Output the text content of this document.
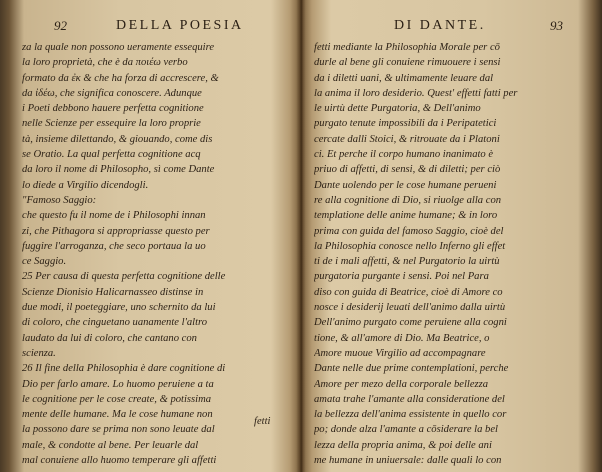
92	DELLA POESIA
za la quale non possono ueramente essequire
la loro proprietà, che è da ποιέω verbo
formato da ἐκ & che ha forza di accrescere, &
da ἰδέω, che significa conoscere. Adunque
i Poeti debbono hauere perfetta cognitione
nelle Scienze per essequire la loro proprie
tà, insieme dilettando, & giouando, come dis
se Oratio. La qual perfetta cognitione acq
da loro il nome di Philosopho, sì come Dante
lo diede a Virgilio dicendogli.
"Famoso Saggio:
che questo fu il nome de i Philosophi innan
zi, che Pithagora si appropriasse questo per
fuggire l'arroganza, che seco portaua la uo
ce Saggio.
25 Per causa di questa perfetta cognitione delle
Scienze Dionisio Halicarnasseo distinse in
due modi, il poeteggiare, uno schernito da lui
di coloro, che cinguetano uanamente l'altro
laudato da lui di coloro, che cantano con
scienza.
26 Il fine della Philosophia è dare cognitione di
Dio per farlo amare. Lo huomo peruiene a ta
le cognitione per le cose create, & potissima
mente delle humane. Ma le cose humane non
la possono dare se prima non sono leuate dal
male, & condotte al bene. Per leuarle dal
mal conuiene allo huomo temperare gli affetti
fetti
DI DANTE.	93
fetti mediante la Philosophia Morale per cō
durle al bene gli conuiene rimuouere i sensi
da i diletti uani, & ultimamente leuare dal
la anima il loro desiderio. Quest' effetti fatti per
le uirtù dette Purgatoria, & Dell'animo
purgato tenute impossibili da i Peripatetici
cercate dalli Stoici, & ritrouate da i Platoni
ci. Et perche il corpo humano inanimato è
priuo di affetti, di sensi, & di diletti; per ciò
Dante uolendo per le cose humane perueni
re alla cognitione di Dio, si riuolge alla con
templatione delle anime humane; & in loro
prima con guida del famoso Saggio, cioè del
la Philosophia conosce nello Inferno gli effet
ti de i mali affetti, & nel Purgatorio la uirtù
purgatoria purgante i sensi. Poi nel Para
diso con guida di Beatrice, cioè di Amore co
nosce i desiderij leuati dell'animo dalla uirtù
Dell'animo purgato come peruiene alla cogni
tione, & all'amore di Dio. Ma Beatrice, o
Amore muoue Virgilio ad accompagnare
Dante nelle due prime contemplationi, perche
Amore per mezo della corporale bellezza
amata trahe l'amante alla consideratione del
la bellezza dell'anima essistente in quello cor
po; donde alza l'amante a cōsiderare la bel
lezza della propria anima, & poi delle ani
me humane in uniuersale: dalle quali lo con
